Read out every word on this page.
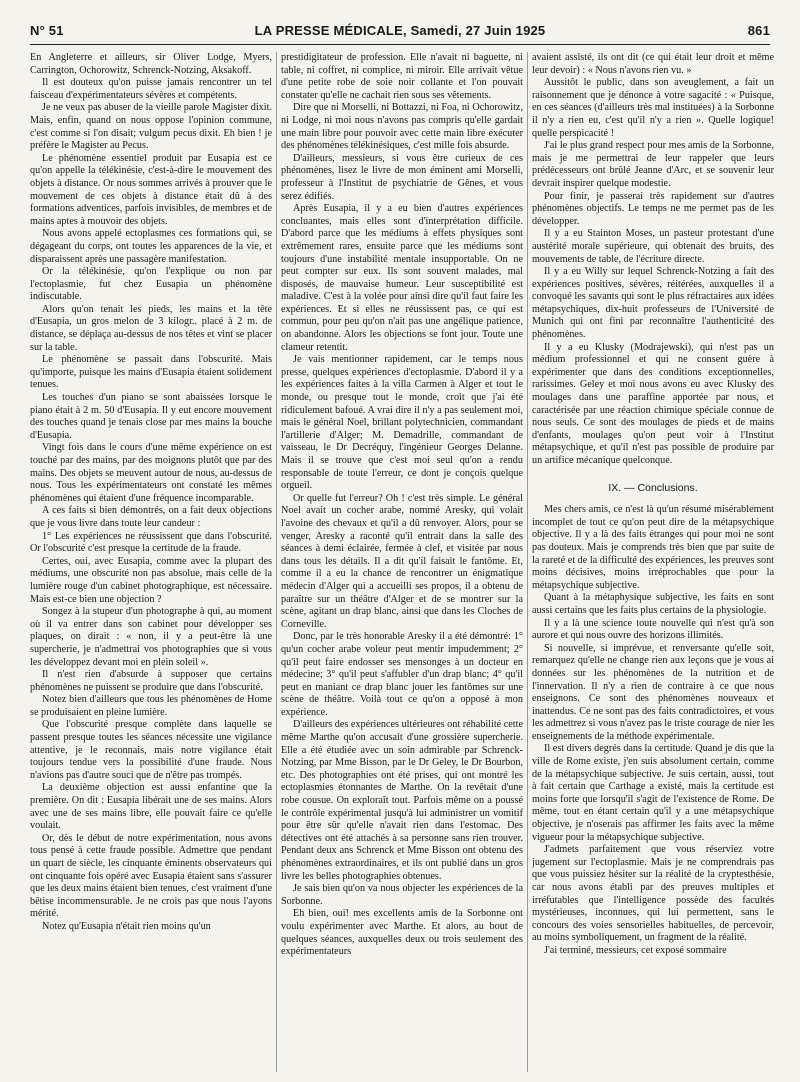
N° 51	LA PRESSE MÉDICALE, Samedi, 27 Juin 1925	861

En Angleterre et ailleurs, sir Oliver Lodge, Myers, Carrington, Ochorowitz, Schrenck-Notzing, Aksakoff.

Il est douteux qu'on puisse jamais rencontrer un tel faisceau d'expérimentateurs sévères et compétents.

Je ne veux pas abuser de la vieille parole Magister dixit. Mais, enfin, quand on nous oppose l'opinion commune, c'est comme si l'on disait; vulgum pecus dixit. Eh bien ! je préfère le Magister au Pecus.

Le phénomène essentiel produit par Eusapia est ce qu'on appelle la télékinésie, c'est-à-dire le mouvement des objets à distance. Or nous sommes arrivés à prouver que le mouvement de ces objets à distance était dû à des formations adventices, parfois invisibles, de membres et de mains aptes à mouvoir des objets.

Nous avons appelé ectoplasmes ces formations qui, se dégageant du corps, ont toutes les apparences de la vie, et disparaissent après une passagère manifestation.

Or la télékinésie, qu'on l'explique ou non par l'ectoplasmie, fut chez Eusapia un phénomène indiscutable.

Alors qu'on tenait les pieds, les mains et la tête d'Eusapia, un gros melon de 3 kilogr.. placé à 2 m. de distance, se déplaça au-dessus de nos têtes et vint se placer sur la table.

Le phénomène se passait dans l'obscurité. Mais qu'importe, puisque les mains d'Eusapia étaient solidement tenues.

Les touches d'un piano se sont abaissées lorsque le piano était à 2 m. 50 d'Eusapia. Il y eut encore mouvement des touches quand je tenais close par mes mains la bouche d'Eusapia.

Vingt fois dans le cours d'une même expérience on est touché par des mains, par des moignons plutôt que par des mains. Des objets se meuvent autour de nous, au-dessus de nous. Tous les expérimentateurs ont constaté les mêmes phénomènes qui étaient d'une fréquence incomparable.

A ces faits si bien démontrés, on a fait deux objections que je vous livre dans toute leur candeur :

1° Les expériences ne réussissent que dans l'obscurité. Or l'obscurité c'est presque la certitude de la fraude.

Certes, oui, avec Eusapia, comme avec la plupart des médiums, une obscurité non pas absolue, mais celle de la lumière rouge d'un cabinet photographique, est nécessaire. Mais est-ce bien une objection ?

Songez à la stupeur d'un photographe à qui, au moment où il va entrer dans son cabinet pour développer ses plaques, on dirait : « non, il y a peut-être là une supercherie, je n'admettrai vos photographies que si vous les développez devant moi en plein soleil ».

Il n'est rien d'absurde à supposer que certains phénomènes ne puissent se produire que dans l'obscurité.

Notez bien d'ailleurs que tous les phénomènes de Home se produisaient en pleine lumière.

Que l'obscurité presque complète dans laquelle se passent presque toutes les séances nécessite une vigilance attentive, je le reconnais, mais notre vigilance était toujours tendue vers la possibilité d'une fraude. Nous n'avions pas d'autre souci que de n'être pas trompés.

La deuxième objection est aussi enfantine que la première. On dit : Eusapia libérait une de ses mains. Alors avec une de ses mains libre, elle pouvait faire ce qu'elle voulait.

Or, dès le début de notre expérimentation, nous avons tous pensé à cette fraude possible. Admettre que pendant un quart de siècle, les cinquante éminents observateurs qui ont cinquante fois opéré avec Eusapia étaient sans s'assurer que les deux mains étaient bien tenues, c'est vraiment d'une bêtise incommensurable. Je ne crois pas que nous l'ayons mérité.

Notez qu'Eusapia n'était rien moins qu'un

prestidigitateur de profession. Elle n'avait ni baguette, ni table, ni coffret, ni complice, ni miroir. Elle arrivait vêtue d'une petite robe de soie noir collante et l'on pouvait constater qu'elle ne cachait rien sous ses vêtements.

Dire que ni Morselli, ni Bottazzi, ni Foa, ni Ochorowitz, ni Lodge, ni moi nous n'avons pas compris qu'elle gardait une main libre pour pouvoir avec cette main libre exécuter des phénomènes télékinésiques, c'est mille fois absurde.

D'ailleurs, messieurs, si vous être curieux de ces phénomènes, lisez le livre de mon éminent ami Morselli, professeur à l'Institut de psychiatrie de Gênes, et vous serez édifiés.

Après Eusapia, il y a eu bien d'autres expériences concluantes, mais elles sont d'interprétation difficile. D'abord parce que les médiums à effets physiques sont extrêmement rares, ensuite parce que les médiums sont toujours d'une instabilité mentale insupportable. On ne peut compter sur eux. Ils sont souvent malades, mal disposés, de mauvaise humeur. Leur susceptibilité est maladive. C'est à la volée pour ainsi dire qu'il faut faire les expériences. Et si elles ne réussissent pas, ce qui est commun, pour peu qu'on n'ait pas une angélique patience, on abandonne. Alors les objections se font jour. Toute une clameur retentit.

Je vais mentionner rapidement, car le temps nous presse, quelques expériences d'ectoplasmie. D'abord il y a les expériences faites à la villa Carmen à Alger et tout le monde, ou presque tout le monde, croit que j'ai été ridiculement bafoué. A vrai dire il n'y a pas seulement moi, mais le général Noel, brillant polytechnicien, commandant l'artillerie d'Alger; M. Demadrille, commandant de vaisseau, le Dr Decréquy, l'ingénieur Georges Delanne. Mais il se trouve que c'est moi seul qu'on a rendu responsable de toute l'erreur, ce dont je conçois quelque orgueil.

Or quelle fut l'erreur? Oh ! c'est très simple. Le général Noel avait un cocher arabe, nommé Aresky, qui volait l'avoine des chevaux et qu'il a dû renvoyer. Alors, pour se venger, Aresky a raconté qu'il entrait dans la salle des séances à demi éclairée, fermée à clef, et visitée par nous dans tous les détails. Il a dit qu'il faisait le fantôme. Et, comme il a eu la chance de rencontrer un énigmatique médecin d'Alger qui a accueilli ses propos, il a obtenu de paraître sur un théâtre d'Alger et de se montrer sur la scène, agitant un drap blanc, ainsi que dans les Cloches de Corneville.

Donc, par le très honorable Aresky il a été démontré: 1° qu'un cocher arabe voleur peut mentir impudemment; 2° qu'il peut faire endosser ses mensonges à un docteur en médecine; 3° qu'il peut s'affubler d'un drap blanc; 4° qu'il peut en maniant ce drap blanc jouer les fantômes sur une scène de théâtre. Voilà tout ce qu'on a opposé à mon expérience.

D'ailleurs des expériences ultérieures ont réhabilité cette même Marthe qu'on accusait d'une grossière supercherie. Elle a été étudiée avec un soin admirable par Schrenck-Notzing, par Mme Bisson, par le Dr Geley, le Dr Bourbon, etc. Des photographies ont été prises, qui ont montré les ectoplasmies étonnantes de Marthe. On la revêtait d'une robe cousue. On exploraît tout. Parfois même on a poussé le contrôle expérimental jusqu'à lui administrer un vomitif pour être sûr qu'elle n'avait rien dans l'estomac. Des détectives ont été attachés à sa personne sans rien trouver. Pendant deux ans Schrenck et Mme Bisson ont obtenu des phénomènes extraordinaires, et ils ont publié dans un gros livre les belles photographies obtenues.

Je sais bien qu'on va nous objecter les expériences de la Sorbonne.

Eh bien, oui! mes excellents amis de la Sorbonne ont voulu expérimenter avec Marthe. Et alors, au bout de quelques séances, auxquelles deux ou trois seulement des expérimentateurs

avaient assisté, ils ont dit (ce qui était leur droit et même leur devoir) : « Nous n'avons rien vu. »

Aussitôt le public, dans son aveuglement, a fait un raisonnement que je dénonce à votre sagacité : « Puisque, en ces séances (d'ailleurs très mal instituées) à la Sorbonne il n'y a rien eu, c'est qu'il n'y a rien ». Quelle logique! quelle perspicacité !

J'ai le plus grand respect pour mes amis de la Sorbonne, mais je me permettrai de leur rappeler que leurs prédécesseurs ont brûlé Jeanne d'Arc, et se souvenir leur devrait inspirer quelque modestie.

Pour finir, je passerai très rapidement sur d'autres phénomènes objectifs. Le temps ne me permet pas de les développer.

Il y a eu Stainton Moses, un pasteur protestant d'une austérité morale supérieure, qui obtenait des bruits, des mouvements de table, de l'écriture directe.

Il y a eu Willy sur lequel Schrenck-Notzing a fait des expériences positives, sévères, réitérées, auxquelles il a convoqué les savants qui sont le plus réfractaires aux idées métapsychiques, dix-huit professeurs de l'Université de Munich qui ont fini par reconnaître l'authenticité des phénomènes.

Il y a eu Klusky (Modrajewski), qui n'est pas un médium professionnel et qui ne consent guère à expérimenter que dans des conditions exceptionnelles, rarissimes. Geley et moi nous avons eu avec Klusky des moulages dans une paraffine apportée par nous, et caractérisée par une réaction chimique spéciale connue de nous seuls. Ce sont des moulages de pieds et de mains d'enfants, moulages qu'on peut voir à l'Institut métapsychique, et qu'il n'est pas possible de produire par un artifice mécanique quelconque.

IX. — Conclusions.

Mes chers amis, ce n'est là qu'un résumé misérablement incomplet de tout ce qu'on peut dire de la métapsychique objective. Il y a là des faits étranges qui pour moi ne sont pas douteux. Mais je comprends très bien que par suite de la rareté et de la difficulté des expériences, les preuves sont moins décisives, moins irréprochables que pour la métapsychique subjective.

Quant à la métaphysique subjective, les faits en sont aussi certains que les faits plus certains de la physiologie.

Il y a là une science toute nouvelle qui n'est qu'à son aurore et qui nous ouvre des horizons illimités.

Si nouvelle, si imprévue, et renversante qu'elle soit, remarquez qu'elle ne change rien aux leçons que je vous ai données sur les phénomènes de la nutrition et de l'innervation. Il n'y a rien de contraire à ce que nous enseignons. Ce sont des phénomènes nouveaux et inattendus. Ce ne sont pas des faits contradictoires, et vous les admettrez si vous n'avez pas le triste courage de nier les enseignements de la méthode expérimentale.

Il est divers degrés dans la certitude. Quand je dis que la ville de Rome existe, j'en suis absolument certain, comme de la métapsychique subjective. Je suis certain, aussi, tout à fait certain que Carthage a existé, mais la certitude est moins forte que lorsqu'il s'agit de l'existence de Rome. De même, tout en étant certain qu'il y a une métapsychique objective, je n'oserais pas affirmer les faits avec la même vigueur pour la métapsychique subjective.

J'admets parfaitement que vous réserviez votre jugement sur l'ectoplasmie. Mais je ne comprendrais pas que vous puissiez hésiter sur la réalité de la cryptesthésie, car nous avons établi par des preuves multiples et irréfutables que l'intelligence possède des facultés mystérieuses, inconnues, qui lui permettent, sans le concours des voies sensorielles habituelles, de percevoir, au moins symboliquement, un fragment de la réalité.

J'ai terminé, messieurs, cet exposé sommaire
